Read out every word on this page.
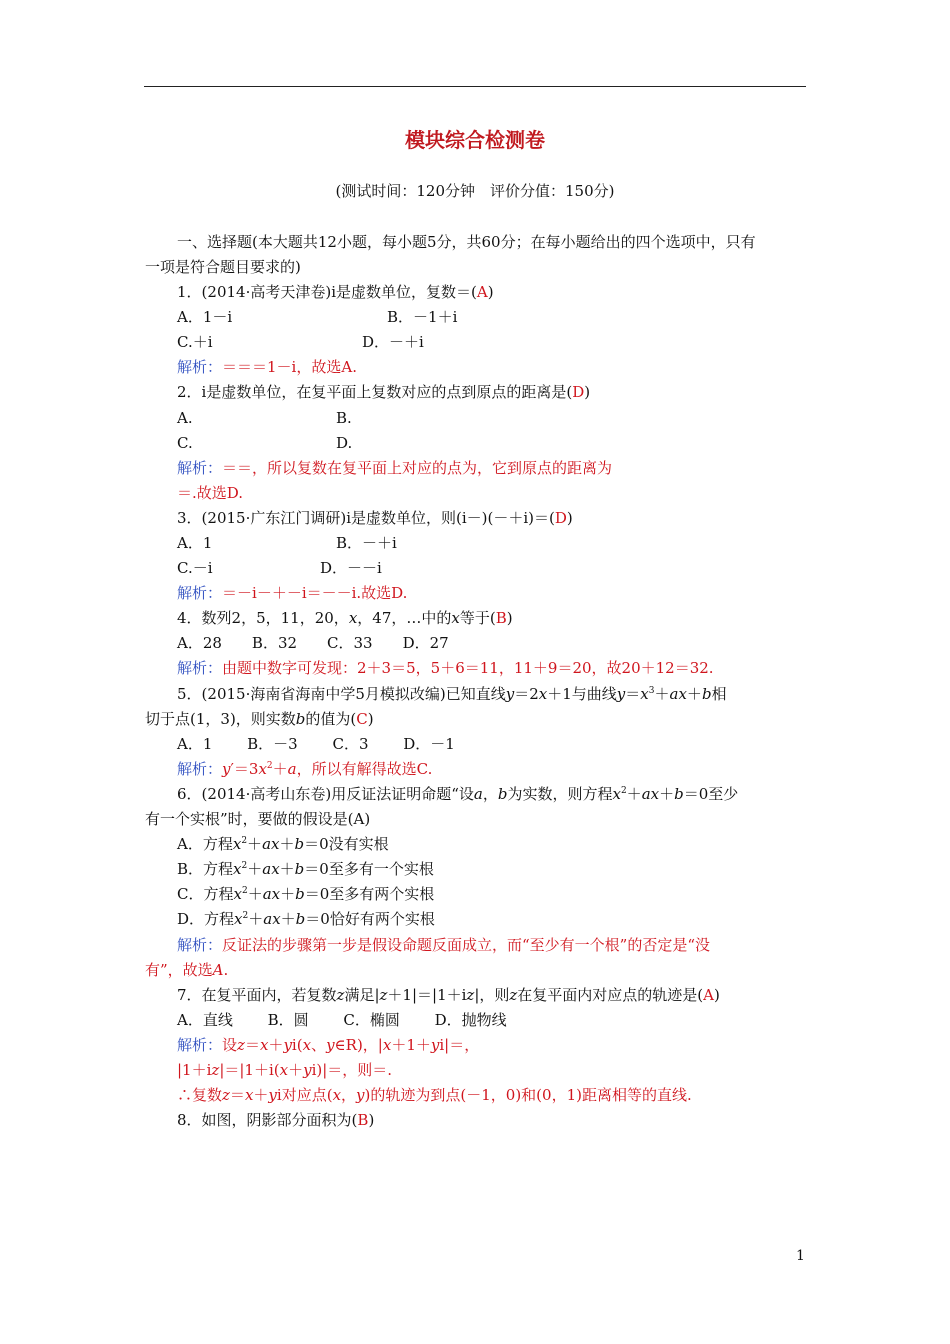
模块综合检测卷
(测试时间：120分钟　评价分值：150分)
一、选择题(本大题共12小题，每小题5分，共60分；在每小题给出的四个选项中，只有
一项是符合题目要求的)
1．(2014·高考天津卷)i是虚数单位，复数＝(A)
A．1－i	B．－1＋i
C.＋i	D．－＋i
解析：＝＝＝1－i，故选A.
2．i是虚数单位，在复平面上复数对应的点到原点的距离是(D)
A.	B.
C.	D.
解析：＝＝，所以复数在复平面上对应的点为，它到原点的距离为
＝.故选D.
3．(2015·广东江门调研)i是虚数单位，则(i－)(－＋i)＝(D)
A．1	B．－＋i
C.－i	D．－－i
解析：＝－i－＋－i＝－－i.故选D.
4．数列2，5，11，20，x，47，…中的x等于(B)
A．28　　B．32　　C．33　　D．27
解析：由题中数字可发现：2＋3＝5，5＋6＝11，11＋9＝20，故20＋12＝32.
5．(2015·海南省海南中学5月模拟改编)已知直线y＝2x＋1与曲线$y=x^3+ax+b$相
切于点(1，3)，则实数b的值为(C)
A．1　　 B．－3　　 C．3　　 D．－1
解析：$y'=3x^2+a$，所以有解得故选C.
6．(2014·高考山东卷)用反证法证明命题“设a，b为实数，则方程$x^2+ax+b=0$至少
有一个实根”时，要做的假设是(A)
A．方程$x^2+ax+b=0$没有实根
B．方程$x^2+ax+b=0$至多有一个实根
C．方程$x^2+ax+b=0$至多有两个实根
D．方程$x^2+ax+b=0$恰好有两个实根
解析：反证法的步骤第一步是假设命题反面成立，而“至少有一个根”的否定是“没
有”，故选A.
7．在复平面内，若复数z满足|z＋1|＝|1＋iz|，则z在复平面内对应点的轨迹是(A)
A．直线　　 B．圆　　 C．椭圆　　 D．抛物线
解析：设z＝x＋yi(x、y∈R)，|x＋1＋yi|＝，
|1＋iz|＝|1＋i(x＋yi)|＝，则＝.
∴复数z＝x＋yi对应点(x，y)的轨迹为到点(－1，0)和(0，1)距离相等的直线.
8．如图，阴影部分面积为(B)
1
